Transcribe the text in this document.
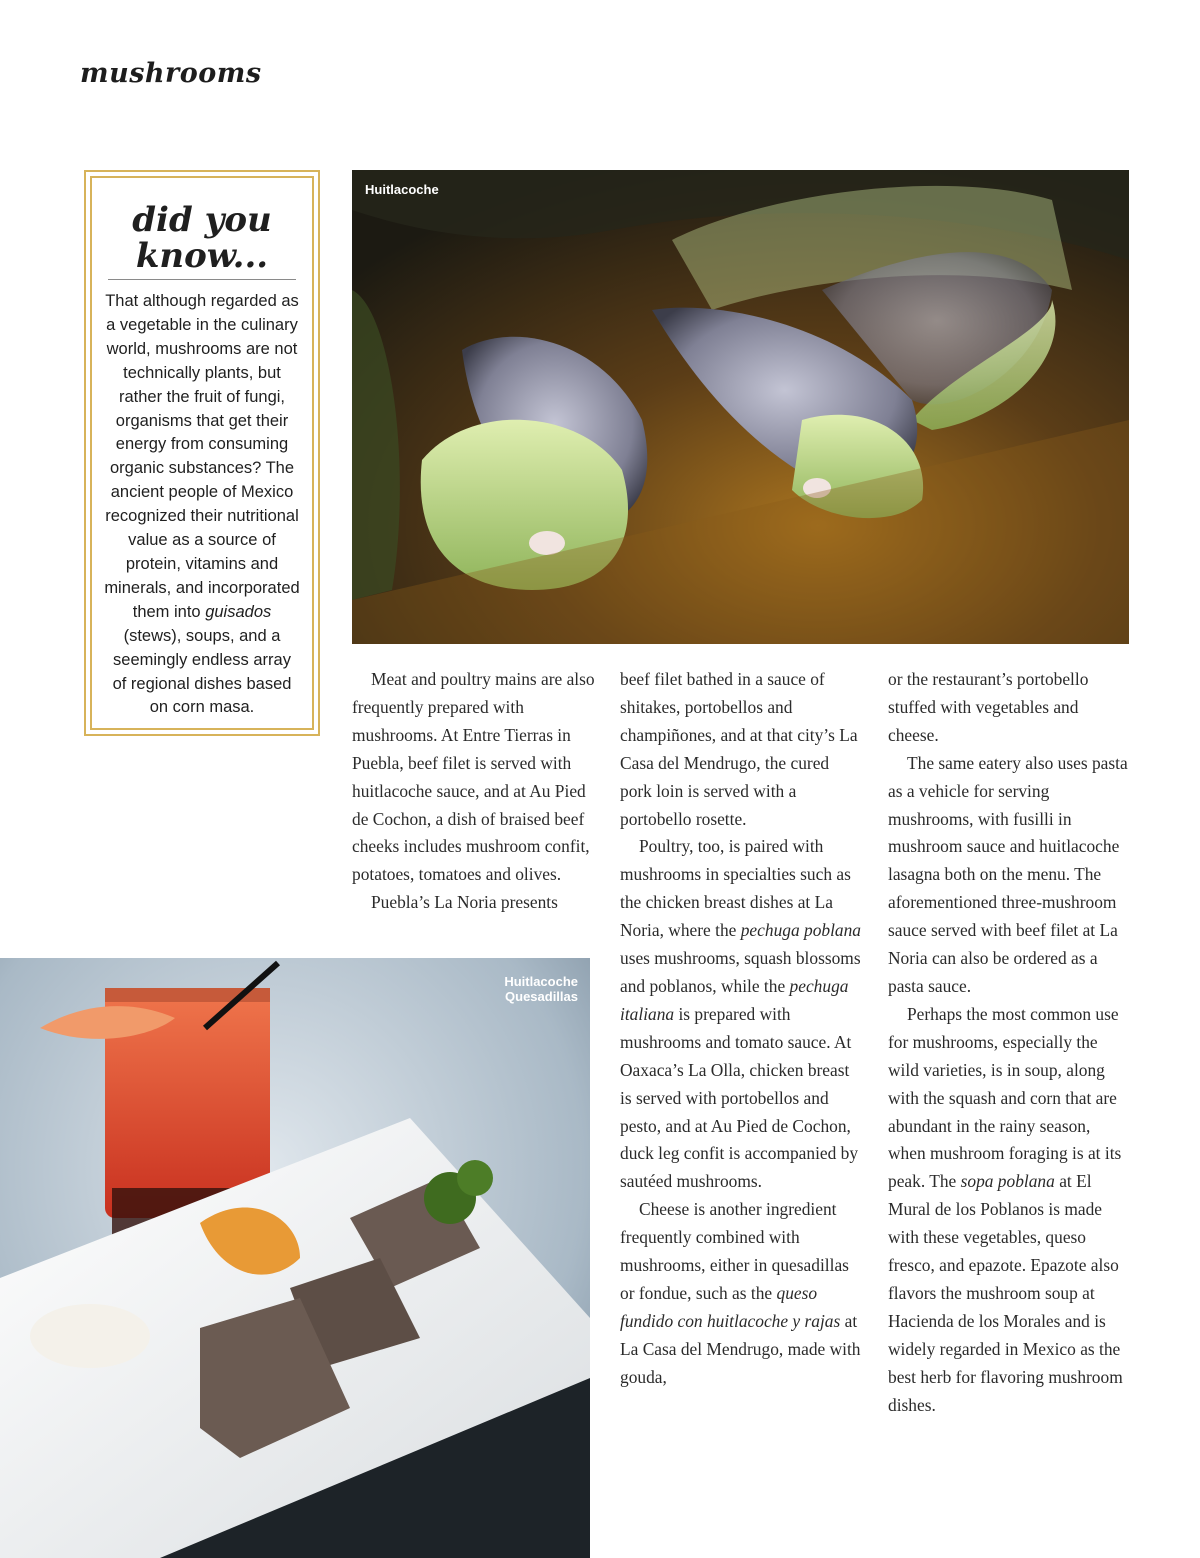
mushrooms
did you
know...

That although regarded as a vegetable in the culinary world, mushrooms are not technically plants, but rather the fruit of fungi, organisms that get their energy from consuming organic substances? The ancient people of Mexico recognized their nutritional value as a source of protein, vitamins and minerals, and incorporated them into guisados (stews), soups, and a seemingly endless array of regional dishes based on corn masa.

Huitlacoche
Huitlacoche
Quesadillas

Meat and poultry mains are also frequently prepared with mushrooms. At Entre Tierras in Puebla, beef filet is served with huitlacoche sauce, and at Au Pied de Cochon, a dish of braised beef cheeks includes mushroom confit, potatoes, tomatoes and olives.

Puebla’s La Noria presents

beef filet bathed in a sauce of shitakes, portobellos and champiñones, and at that city’s La Casa del Mendrugo, the cured pork loin is served with a portobello rosette.

Poultry, too, is paired with mushrooms in specialties such as the chicken breast dishes at La Noria, where the pechuga poblana uses mushrooms, squash blossoms and poblanos, while the pechuga italiana is prepared with mushrooms and tomato sauce. At Oaxaca’s La Olla, chicken breast is served with portobellos and pesto, and at Au Pied de Cochon, duck leg confit is accompanied by sautéed mushrooms.

Cheese is another ingredient frequently combined with mushrooms, either in quesadillas or fondue, such as the queso fundido con huitlacoche y rajas at La Casa del Mendrugo, made with gouda,

or the restaurant’s portobello stuffed with vegetables and cheese.

The same eatery also uses pasta as a vehicle for serving mushrooms, with fusilli in mushroom sauce and huitlacoche lasagna both on the menu. The aforementioned three-mushroom sauce served with beef filet at La Noria can also be ordered as a pasta sauce.

Perhaps the most common use for mushrooms, especially the wild varieties, is in soup, along with the squash and corn that are abundant in the rainy season, when mushroom foraging is at its peak. The sopa poblana at El Mural de los Poblanos is made with these vegetables, queso fresco, and epazote. Epazote also flavors the mushroom soup at Hacienda de los Morales and is widely regarded in Mexico as the best herb for flavoring mushroom dishes.
